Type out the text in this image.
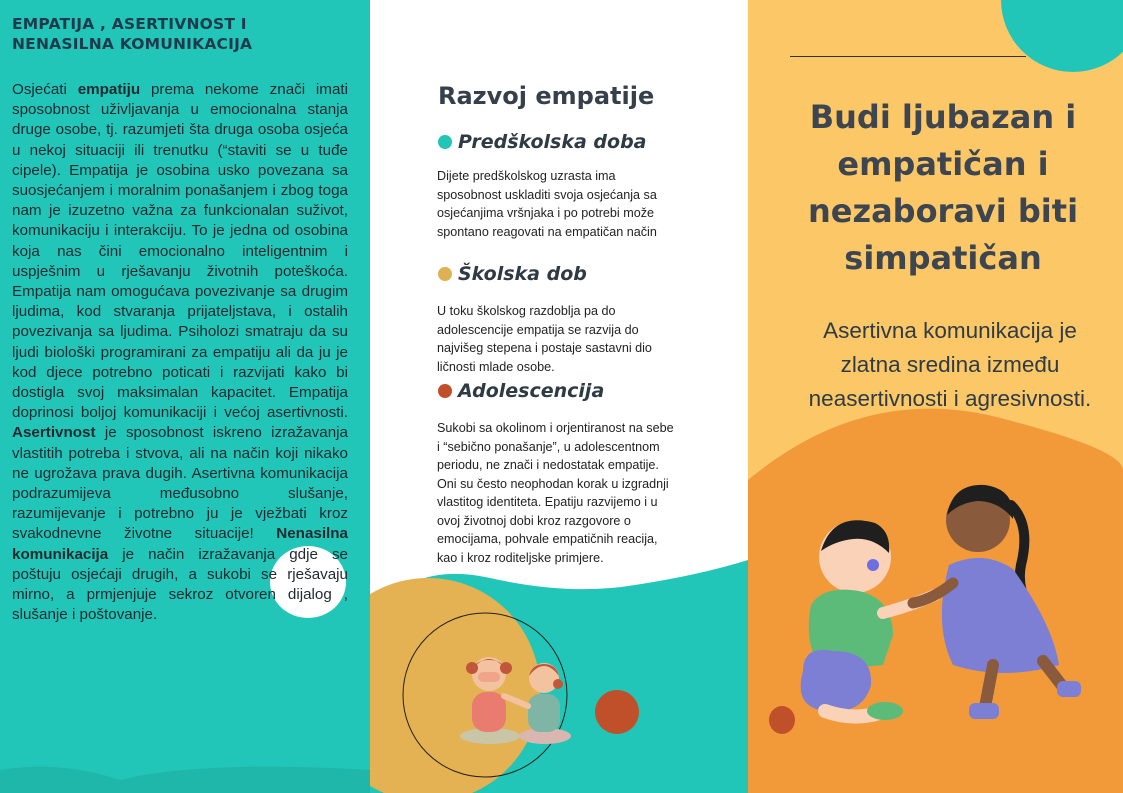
EMPATIJA , ASERTIVNOST I
NENASILNA KOMUNIKACIJA
Osjećati empatiju prema nekome znači imati sposobnost uživljavanja u emocionalna stanja druge osobe, tj. razumjeti šta druga osoba osjeća u nekoj situaciji ili trenutku (“staviti se u tuđe cipele). Empatija je osobina usko povezana sa suosjećanjem i moralnim ponašanjem i zbog toga nam je izuzetno važna za funkcionalan suživot, komunikaciju i interakciju. To je jedna od osobina koja nas čini emocionalno inteligentnim i uspješnim u rješavanju životnih poteškoća. Empatija nam omogućava povezivanje sa drugim ljudima, kod stvaranja prijateljstava, i ostalih povezivanja sa ljudima. Psiholozi smatraju da su ljudi biološki programirani za empatiju ali da ju je kod djece potrebno poticati i razvijati kako bi dostigla svoj maksimalan kapacitet. Empatija doprinosi boljoj komunikaciji i većoj asertivnosti. Asertivnost je sposobnost iskreno izražavanja vlastitih potreba i stvova, ali na način koji nikako ne ugrožava prava dugih. Asertivna komunikacija podrazumijeva međusobno slušanje, razumijevanje i potrebno ju je vježbati kroz svakodnevne životne situacije! Nenasilna komunikacija je način izražavanja gdje se poštuju osjećaji drugih, a sukobi se rješavaju mirno, a prmjenjuje sekroz otvoren dijalog , slušanje i poštovanje.
Razvoj empatije
Predškolska doba
Dijete predškolskog uzrasta ima sposobnost uskladiti svoja osjećanja sa osjećanjima vršnjaka i po potrebi može spontano reagovati na empatičan način
Školska dob
U toku školskog razdoblja pa do adolescencije empatija se razvija do najvišeg stepena i postaje sastavni dio ličnosti mlade osobe.
Adolescencija
Sukobi sa okolinom i orjentiranost na sebe i “sebično ponašanje”, u adolescentnom periodu, ne znači i nedostatak empatije. Oni su često neophodan korak u izgradnji vlastitog identiteta. Epatiju razvijemo i u ovoj životnoj dobi kroz razgovore o emocijama, pohvale empatičnih reacija, kao i kroz roditeljske primjere.
Budi ljubazan i empatičan i nezaboravi biti simpatičan
Asertivna komunikacija je zlatna sredina između neasertivnosti i agresivnosti.
